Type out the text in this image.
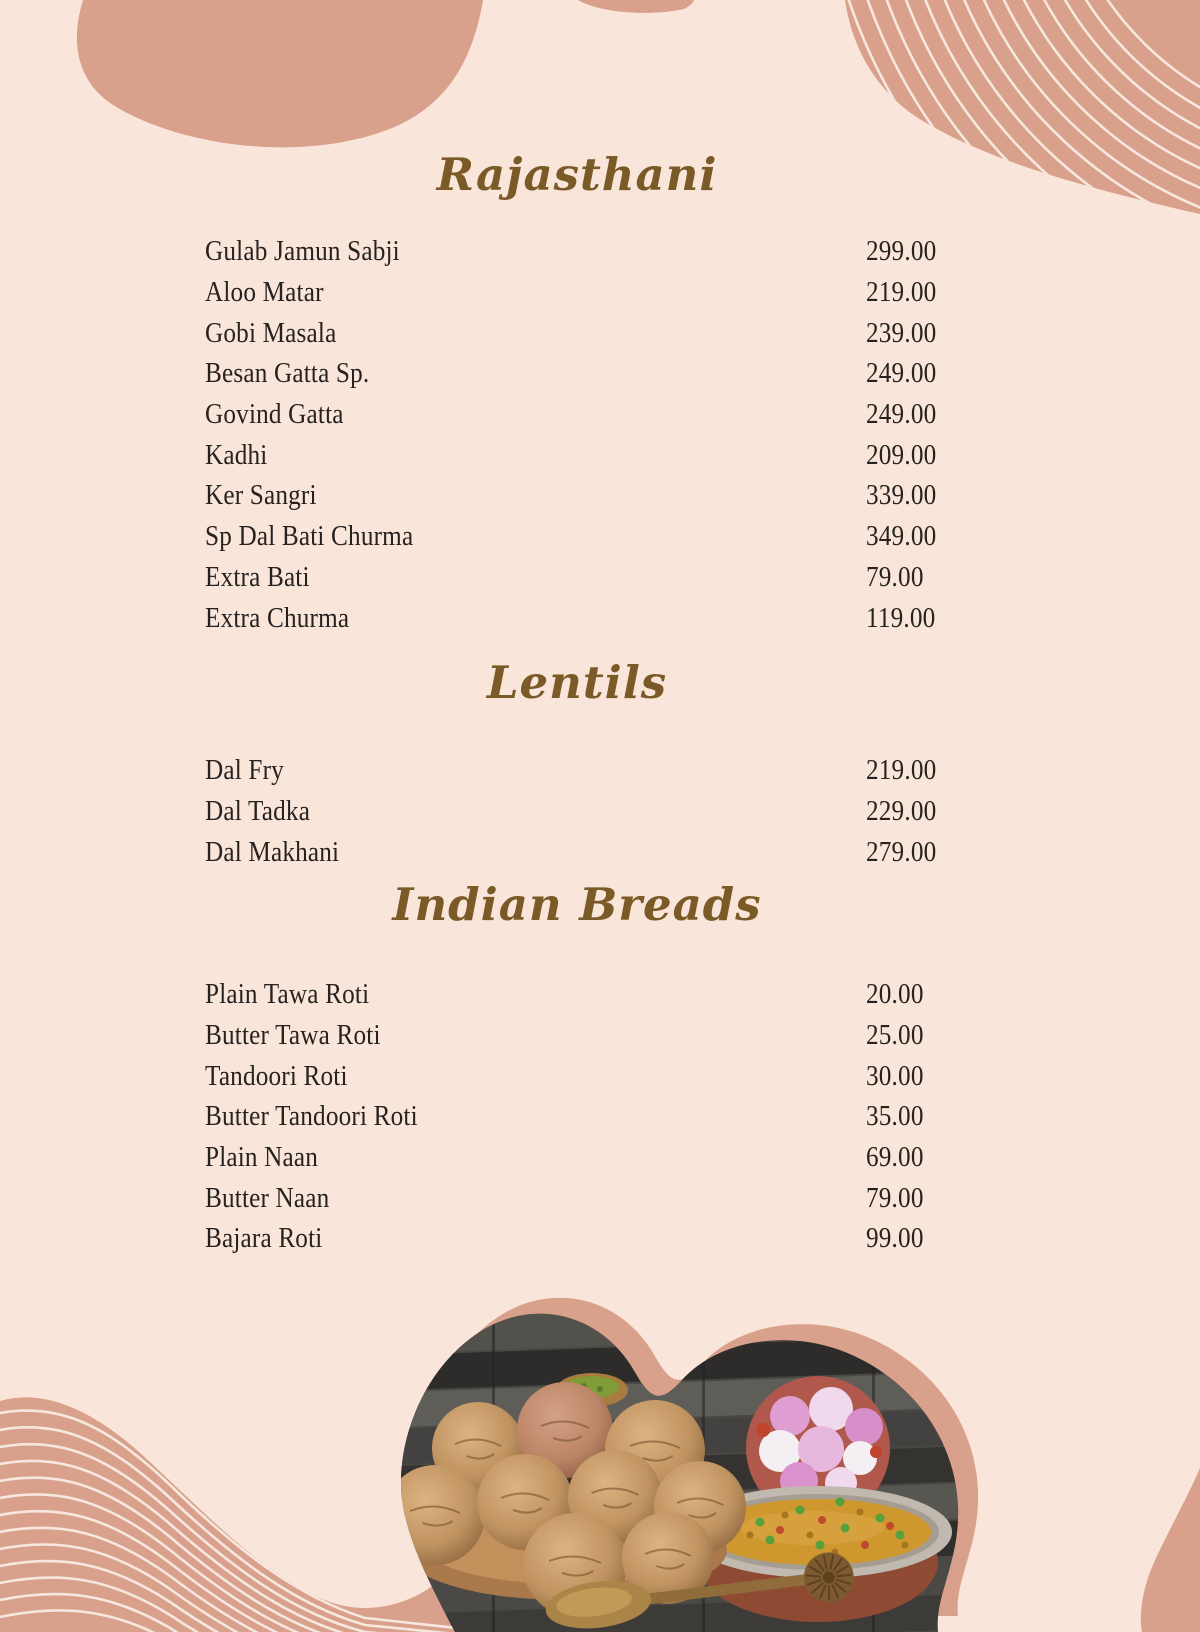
Rajasthani
Gulab Jamun Sabji	299.00
Aloo Matar	219.00
Gobi Masala	239.00
Besan Gatta Sp.	249.00
Govind Gatta	249.00
Kadhi	209.00
Ker Sangri	339.00
Sp Dal Bati Churma	349.00
Extra Bati	79.00
Extra Churma	119.00
Lentils
Dal Fry	219.00
Dal Tadka	229.00
Dal Makhani	279.00
Indian Breads
Plain Tawa Roti	20.00
Butter Tawa Roti	25.00
Tandoori Roti	30.00
Butter Tandoori Roti	35.00
Plain Naan	69.00
Butter Naan	79.00
Bajara Roti	99.00
